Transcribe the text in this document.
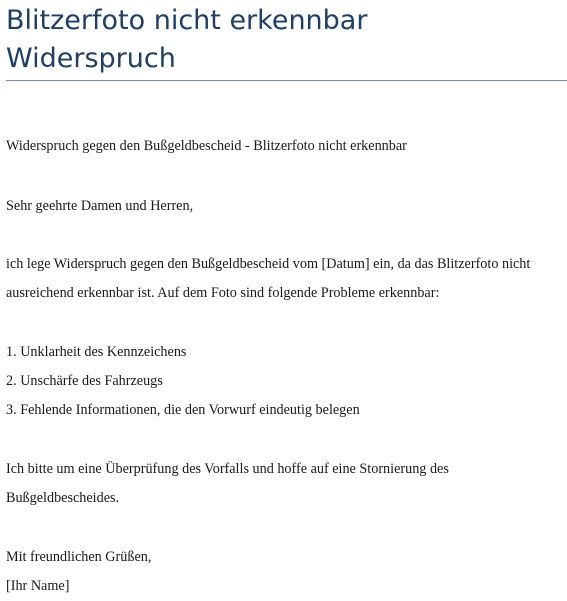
Blitzerfoto nicht erkennbar
Widerspruch

Widerspruch gegen den Bußgeldbescheid - Blitzerfoto nicht erkennbar

Sehr geehrte Damen und Herren,

ich lege Widerspruch gegen den Bußgeldbescheid vom [Datum] ein, da das Blitzerfoto nicht

ausreichend erkennbar ist. Auf dem Foto sind folgende Probleme erkennbar:

1. Unklarheit des Kennzeichens

2. Unschärfe des Fahrzeugs

3. Fehlende Informationen, die den Vorwurf eindeutig belegen

Ich bitte um eine Überprüfung des Vorfalls und hoffe auf eine Stornierung des

Bußgeldbescheides.

Mit freundlichen Grüßen,

[Ihr Name]
